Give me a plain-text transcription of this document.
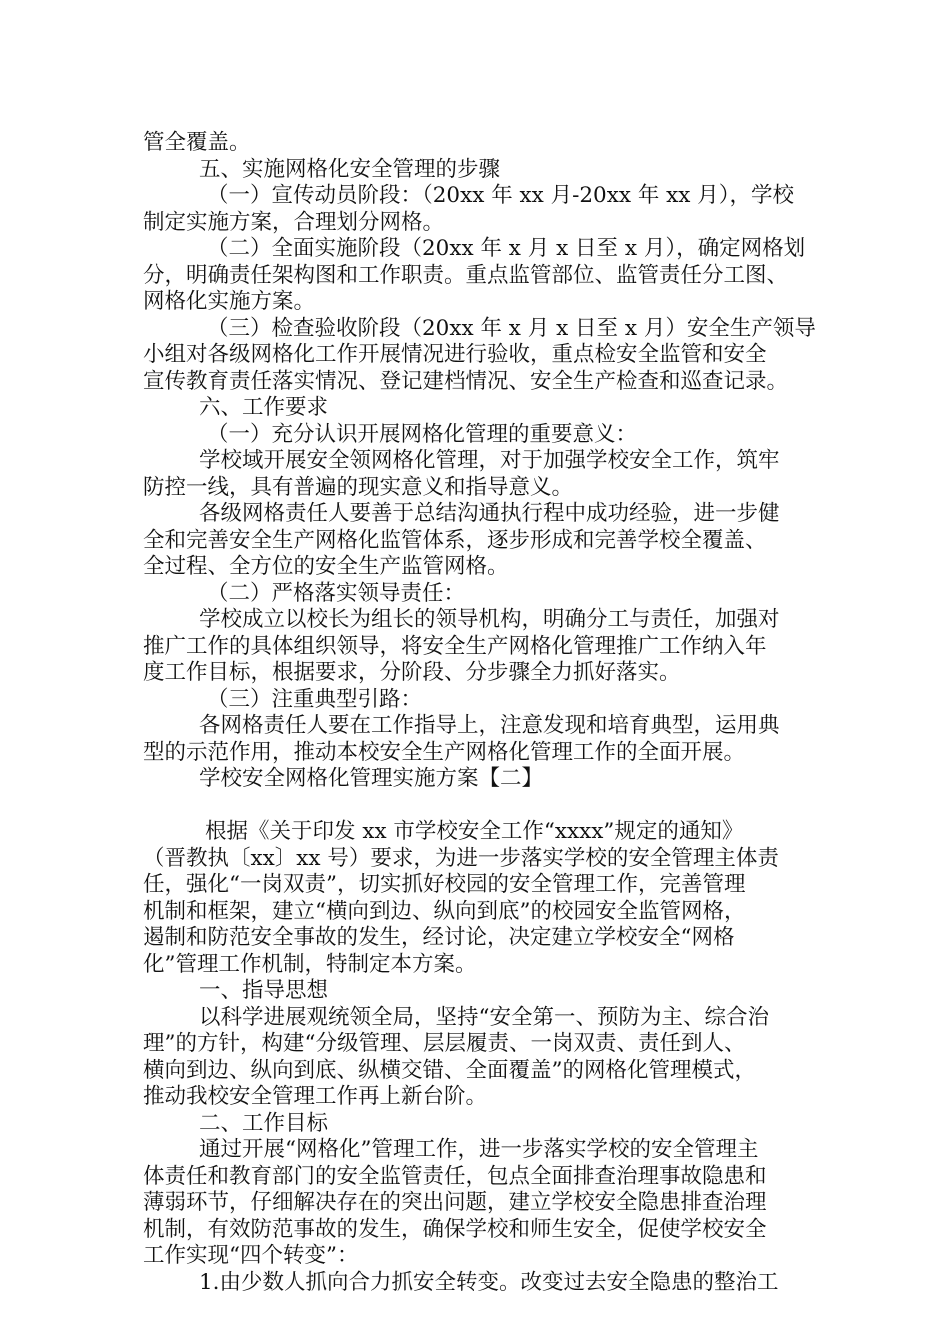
管全覆盖。
五、实施网格化安全管理的步骤
（一）宣传动员阶段：（20xx 年 xx 月-20xx 年 xx 月），学校
制定实施方案，合理划分网格。
（二）全面实施阶段（20xx 年 x 月 x 日至 x 月），确定网格划
分，明确责任架构图和工作职责。重点监管部位、监管责任分工图、
网格化实施方案。
（三）检查验收阶段（20xx 年 x 月 x 日至 x 月）安全生产领导
小组对各级网格化工作开展情况进行验收，重点检安全监管和安全
宣传教育责任落实情况、登记建档情况、安全生产检查和巡查记录。
六、工作要求
（一）充分认识开展网格化管理的重要意义：
学校域开展安全领网格化管理，对于加强学校安全工作，筑牢
防控一线，具有普遍的现实意义和指导意义。
各级网格责任人要善于总结沟通执行程中成功经验，进一步健
全和完善安全生产网格化监管体系，逐步形成和完善学校全覆盖、
全过程、全方位的安全生产监管网格。
（二）严格落实领导责任：
学校成立以校长为组长的领导机构，明确分工与责任，加强对
推广工作的具体组织领导，将安全生产网格化管理推广工作纳入年
度工作目标，根据要求，分阶段、分步骤全力抓好落实。
（三）注重典型引路：
各网格责任人要在工作指导上，注意发现和培育典型，运用典
型的示范作用，推动本校安全生产网格化管理工作的全面开展。
学校安全网格化管理实施方案【二】
根据《关于印发 xx 市学校安全工作“xxxx”规定的通知》
（晋教执〔xx〕xx 号）要求，为进一步落实学校的安全管理主体责
任，强化“一岗双责”，切实抓好校园的安全管理工作，完善管理
机制和框架，建立“横向到边、纵向到底”的校园安全监管网格，
遏制和防范安全事故的发生，经讨论，决定建立学校安全“网格
化”管理工作机制，特制定本方案。
一、指导思想
以科学进展观统领全局，坚持“安全第一、预防为主、综合治
理”的方针，构建“分级管理、层层履责、一岗双责、责任到人、
横向到边、纵向到底、纵横交错、全面覆盖”的网格化管理模式，
推动我校安全管理工作再上新台阶。
二、工作目标
通过开展“网格化”管理工作，进一步落实学校的安全管理主
体责任和教育部门的安全监管责任，包点全面排查治理事故隐患和
薄弱环节，仔细解决存在的突出问题，建立学校安全隐患排查治理
机制，有效防范事故的发生，确保学校和师生安全，促使学校安全
工作实现“四个转变”：
1.由少数人抓向合力抓安全转变。改变过去安全隐患的整治工
